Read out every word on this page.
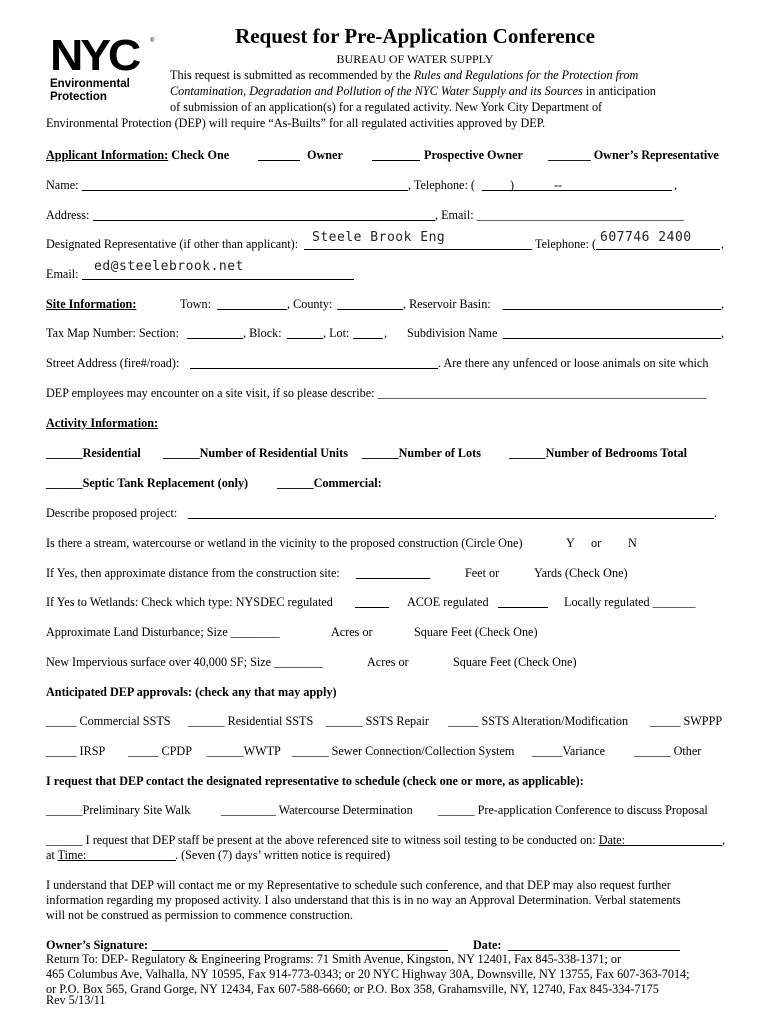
NYC ®
Environmental
Protection
Request for Pre-Application Conference
BUREAU OF WATER SUPPLY
This request is submitted as recommended by the Rules and Regulations for the Protection from
Contamination, Degradation and Pollution of the NYC Water Supply and its Sources in anticipation
of submission of an application(s) for a regulated activity. New York City Department of
Environmental Protection (DEP) will require “As-Builts” for all regulated activities approved by DEP.
Applicant Information: Check One	Owner	Prospective Owner _______ Owner’s Representative
Name:	, Telephone: (	)	--	,
Address:	, Email: __________________________________
Designated Representative (if other than applicant): Steele Brook Eng	Telephone: ( 607746 2400 ,
Email: ed@steelebrook.net
Site Information:	Town:	, County:	, Reservoir Basin:	,
Tax Map Number: Section:	, Block:	, Lot:	, Subdivision Name	,
Street Address (fire#/road):	. Are there any unfenced or loose animals on site which
DEP employees may encounter on a site visit, if so please describe: ______________________________________________________
Activity Information:
______Residential ______Number of Residential Units ______Number of Lots ______Number of Bedrooms Total
______Septic Tank Replacement (only) ______Commercial:
Describe proposed project:	.
Is there a stream, watercourse or wetland in the vicinity to the proposed construction (Circle One)	Y or N
If Yes, then approximate distance from the construction site:	Feet or	Yards (Check One)
If Yes to Wetlands: Check which type: NYSDEC regulated	ACOE regulated	Locally regulated _______
Approximate Land Disturbance; Size ________	Acres or	Square Feet (Check One)
New Impervious surface over 40,000 SF; Size ________	Acres or	Square Feet (Check One)
Anticipated DEP approvals: (check any that may apply)
_____ Commercial SSTS ______ Residential SSTS ______ SSTS Repair _____ SSTS Alteration/Modification _____ SWPPP
_____ IRSP _____ CPDP ______WWTP ______ Sewer Connection/Collection System _____Variance ______ Other
I request that DEP contact the designated representative to schedule (check one or more, as applicable):
______Preliminary Site Walk	_________ Watercourse Determination ______ Pre-application Conference to discuss Proposal
______ I request that DEP staff be present at the above referenced site to witness soil testing to be conducted on: Date:	,
at Time:	. (Seven (7) days’ written notice is required)
I understand that DEP will contact me or my Representative to schedule such conference, and that DEP may also request further
information regarding my proposed activity. I also understand that this is in no way an Approval Determination. Verbal statements
will not be construed as permission to commence construction.
Owner’s Signature:	Date:
Return To: DEP- Regulatory & Engineering Programs: 71 Smith Avenue, Kingston, NY 12401, Fax 845-338-1371; or
465 Columbus Ave, Valhalla, NY 10595, Fax 914-773-0343; or 20 NYC Highway 30A, Downsville, NY 13755, Fax 607-363-7014;
or P.O. Box 565, Grand Gorge, NY 12434, Fax 607-588-6660; or P.O. Box 358, Grahamsville, NY, 12740, Fax 845-334-7175
Rev 5/13/11
